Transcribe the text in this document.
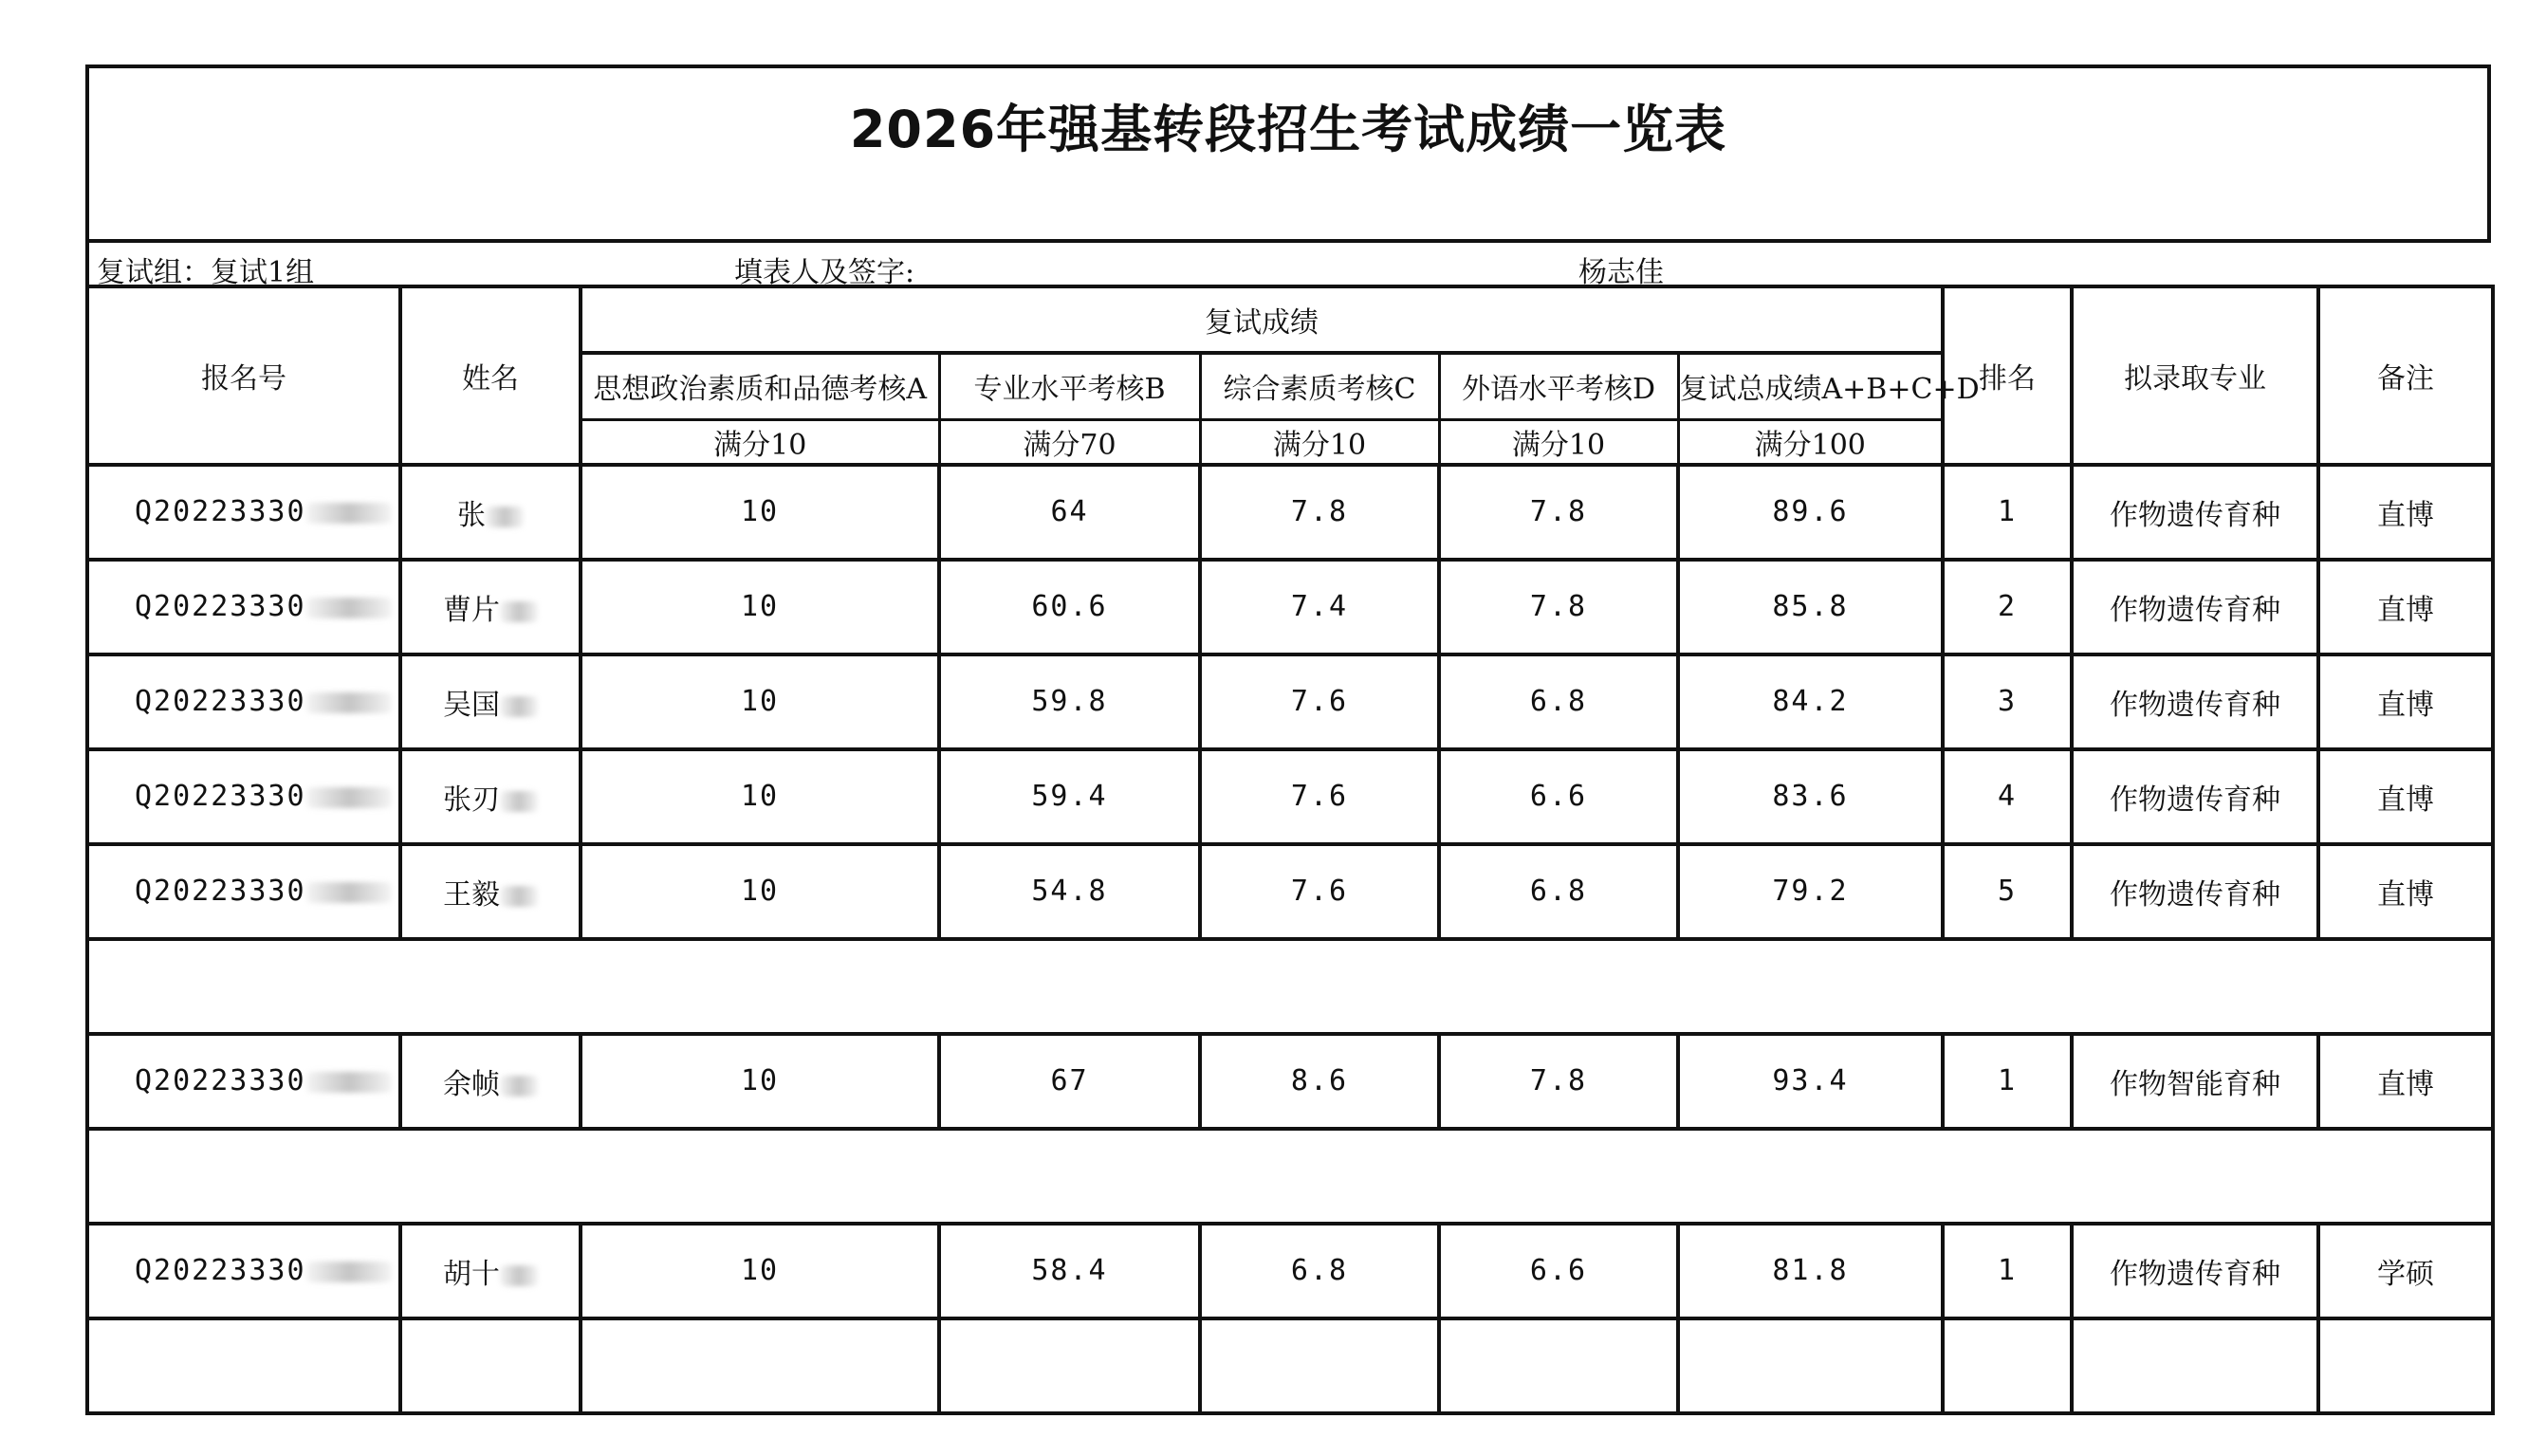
2026年强基转段招生考试成绩一览表
复试组：复试1组	填表人及签字:	杨志佳
报名号	姓名	复试成绩					排名	拟录取专业	备注
		思想政治素质和品德考核A	专业水平考核B	综合素质考核C	外语水平考核D	复试总成绩A+B+C+D			
		满分10	满分70	满分10	满分10	满分100			
Q20223330	张	10	64	7.8	7.8	89.6	1	作物遗传育种	直博
Q20223330	曹片	10	60.6	7.4	7.8	85.8	2	作物遗传育种	直博
Q20223330	吴国	10	59.8	7.6	6.8	84.2	3	作物遗传育种	直博
Q20223330	张刃	10	59.4	7.6	6.6	83.6	4	作物遗传育种	直博
Q20223330	王毅	10	54.8	7.6	6.8	79.2	5	作物遗传育种	直博

Q20223330	余帧	10	67	8.6	7.8	93.4	1	作物智能育种	直博

Q20223330	胡十	10	58.4	6.8	6.6	81.8	1	作物遗传育种	学硕
